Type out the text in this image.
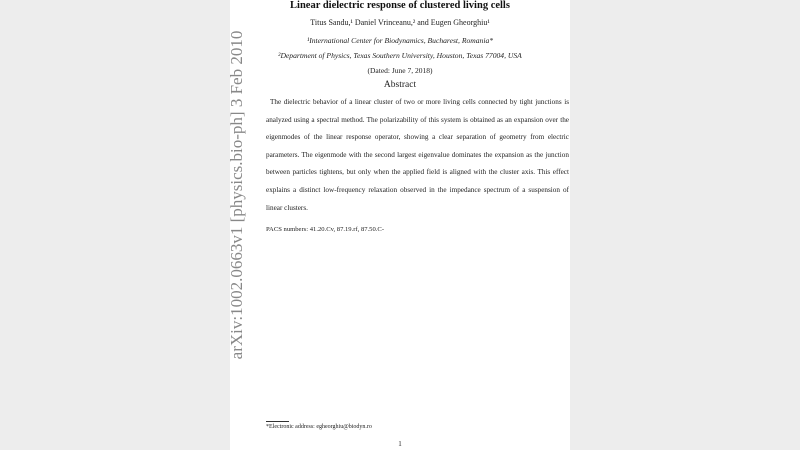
Linear dielectric response of clustered living cells
Titus Sandu,¹ Daniel Vrinceanu,² and Eugen Gheorghiu¹
¹International Center for Biodynamics, Bucharest, Romania*
²Department of Physics, Texas Southern University, Houston, Texas 77004, USA
(Dated: June 7, 2018)
Abstract

The dielectric behavior of a linear cluster of two or more living cells connected by tight junctions is analyzed using a spectral method. The polarizability of this system is obtained as an expansion over the eigenmodes of the linear response operator, showing a clear separation of geometry from electric parameters. The eigenmode with the second largest eigenvalue dominates the expansion as the junction between particles tightens, but only when the applied field is aligned with the cluster axis. This effect explains a distinct low-frequency relaxation observed in the impedance spectrum of a suspension of linear clusters.

PACS numbers: 41.20.Cv, 87.19.rf, 87.50.C-
*Electronic address: egheorghiu@biodyn.ro
1
arXiv:1002.0663v1 [physics.bio-ph] 3 Feb 2010
